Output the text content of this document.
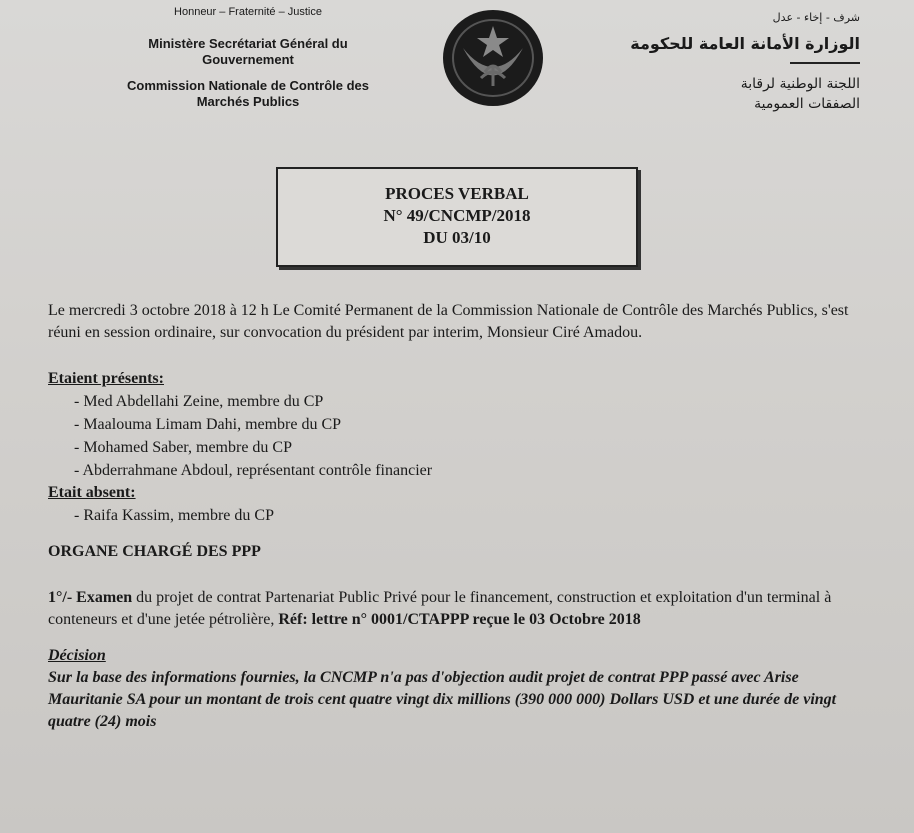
Honneur – Fraternité – Justice
Ministère Secrétariat Général du Gouvernement
Commission Nationale de Contrôle des Marchés Publics
شرف - إخاء - عدل
الوزارة الأمانة العامة للحكومة
اللجنة الوطنية لرقابة
الصفقات العمومية
PROCES VERBAL
N° 49/CNCMP/2018
DU 03/10

Le mercredi 3 octobre 2018 à 12 h Le Comité Permanent de la Commission Nationale de Contrôle des Marchés Publics, s'est réuni en session ordinaire, sur convocation du président par interim, Monsieur Ciré Amadou.

Etaient présents:
- Med Abdellahi Zeine, membre du CP
- Maalouma Limam Dahi, membre du CP
- Mohamed Saber, membre du CP
- Abderrahmane Abdoul, représentant contrôle financier
Etait absent:
- Raifa Kassim, membre du CP
ORGANE CHARGÉ DES PPP

1°/- Examen du projet de contrat Partenariat Public Privé pour le financement, construction et exploitation d'un terminal à conteneurs et d'une jetée pétrolière, Réf: lettre n° 0001/CTAPPP reçue le 03 Octobre 2018

Décision

Sur la base des informations fournies, la CNCMP n'a pas d'objection audit projet de contrat PPP passé avec Arise Mauritanie SA pour un montant de trois cent quatre vingt dix millions (390 000 000) Dollars USD et une durée de vingt quatre (24) mois
